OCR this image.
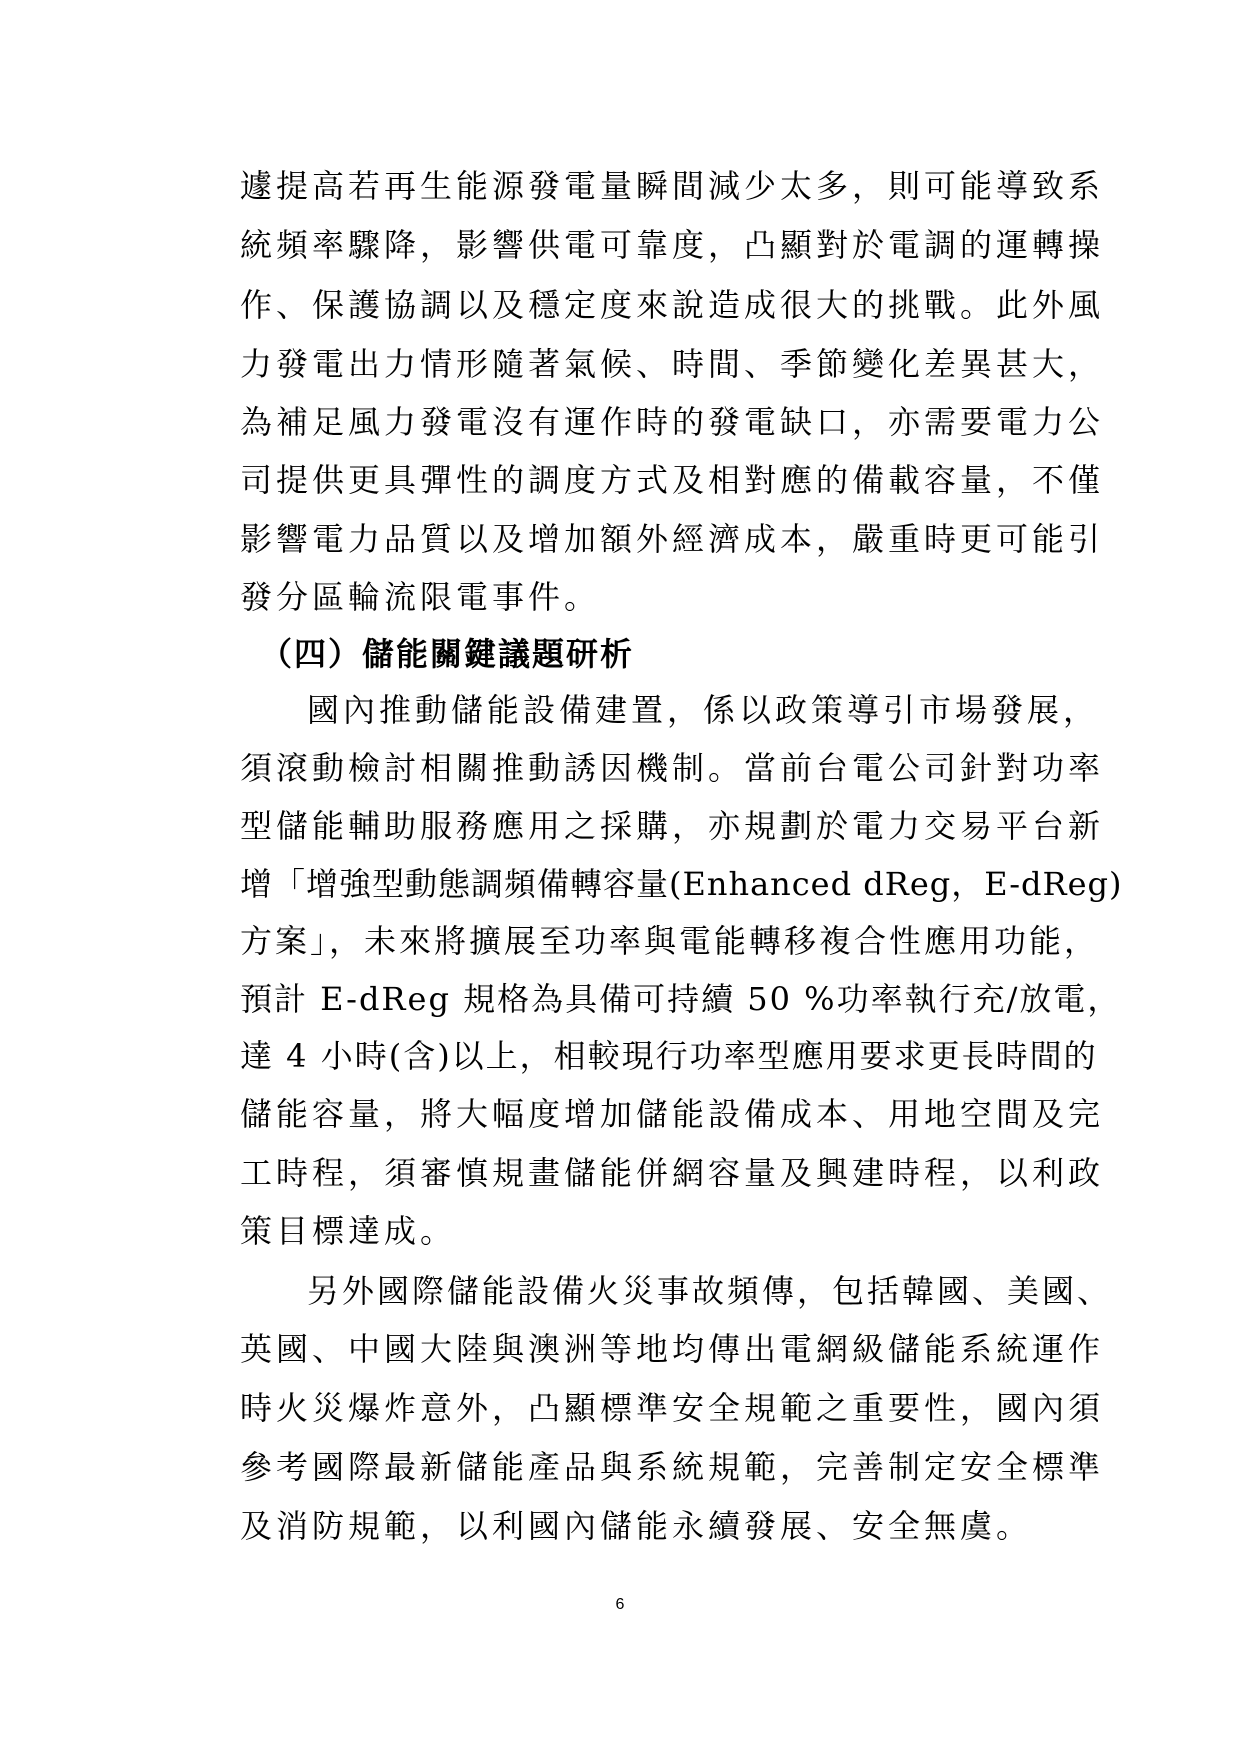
遽提高若再生能源發電量瞬間減少太多，則可能導致系
統頻率驟降，影響供電可靠度，凸顯對於電調的運轉操
作、保護協調以及穩定度來說造成很大的挑戰。此外風
力發電出力情形隨著氣候、時間、季節變化差異甚大，
為補足風力發電沒有運作時的發電缺口，亦需要電力公
司提供更具彈性的調度方式及相對應的備載容量，不僅
影響電力品質以及增加額外經濟成本，嚴重時更可能引
發分區輪流限電事件。
（四）儲能關鍵議題研析
國內推動儲能設備建置，係以政策導引市場發展，
須滾動檢討相關推動誘因機制。當前台電公司針對功率
型儲能輔助服務應用之採購，亦規劃於電力交易平台新
增「增強型動態調頻備轉容量(Enhanced dReg，E-dReg)
方案」，未來將擴展至功率與電能轉移複合性應用功能，
預計 E-dReg 規格為具備可持續 50 %功率執行充/放電，
達 4 小時(含)以上，相較現行功率型應用要求更長時間的
儲能容量，將大幅度增加儲能設備成本、用地空間及完
工時程，須審慎規畫儲能併網容量及興建時程，以利政
策目標達成。
另外國際儲能設備火災事故頻傳，包括韓國、美國、
英國、中國大陸與澳洲等地均傳出電網級儲能系統運作
時火災爆炸意外，凸顯標準安全規範之重要性，國內須
參考國際最新儲能產品與系統規範，完善制定安全標準
及消防規範，以利國內儲能永續發展、安全無虞。
6
